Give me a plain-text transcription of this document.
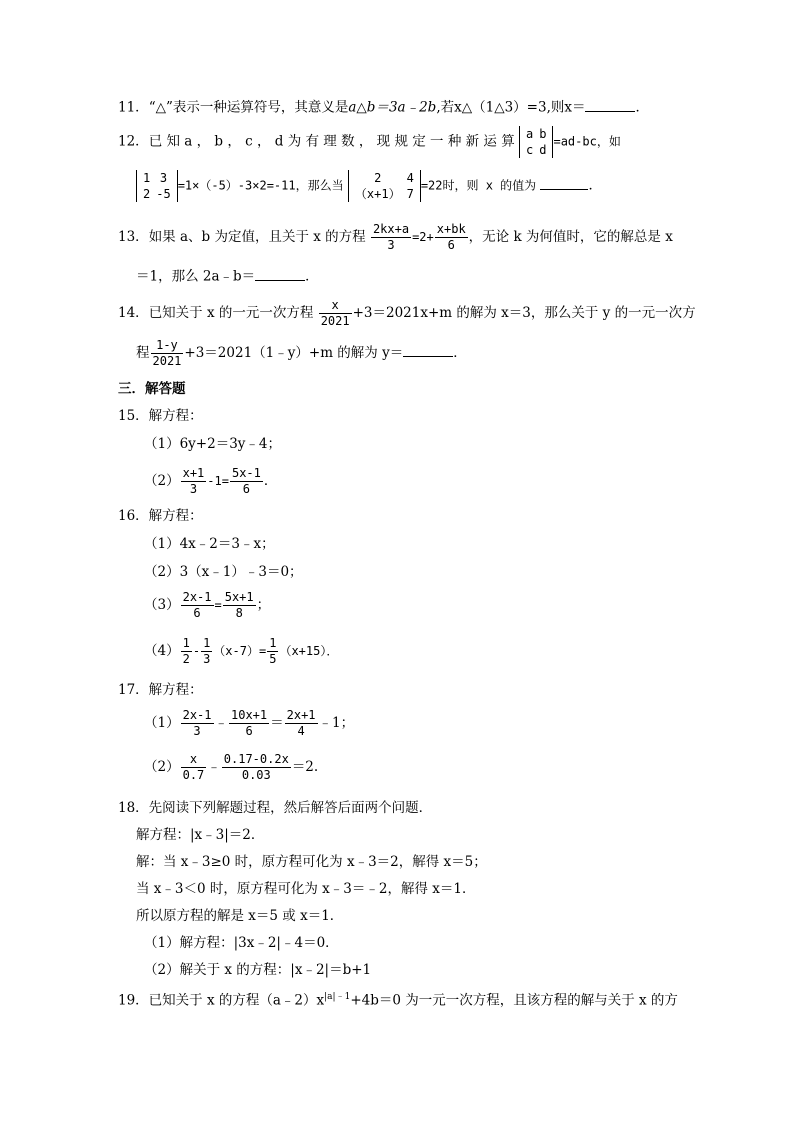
11．“△”表示一种运算符号，其意义是a△b＝3a﹣2b,若x△（1△3）=3,则x＝	．
12．已 知 a ， b ， c ， d 为 有 理 数 ， 现 规 定 一 种 新 运 算 a	b
c	d
=ad-bc，如
1	3
2	-5
=1×（-5）-3×2=-11，那么当
2	4
（x+1）	7
=22时，则 x 的值为	．
13．如果 a、b 为定值，且关于 x 的方程 $\frac{2kx+a}{3} =2+ \frac{x+bk}{6}$ ，无论 k 为何值时，它的解总是 x
＝1，那么 2a﹣b＝	．
14．已知关于 x 的一元一次方程 $\frac{x}{2021} +3=2021x+m$ 的解为 x＝3，那么关于 y 的一元一次方
程 $\frac{1-y}{2021}$ +3＝2021（1﹣y）+m 的解为 y＝	．
三．解答题
15．解方程：
（1）6y+2＝3y﹣4；
$(2) \frac{x+1}{3} -1= \frac{5x-1}{6}$ ．
16．解方程：
（1）4x﹣2＝3﹣x；
（2）3（x﹣1）﹣3＝0；
$(3) \frac{2x-1}{6} = \frac{5x+1}{8}$ ；
$(4) \frac{1}{2} - \frac{1}{3} (x-7)= \frac{1}{5} (x+15)$．
17．解方程：
$(1) \frac{2x-1}{3}$ ﹣ $\frac{10x+1}{6} = \frac{2x+1}{4}$ ﹣1；
$(2) \frac{x}{0.7}$ ﹣ $\frac{0.17-0.2x}{0.03} =2$.
18．先阅读下列解题过程，然后解答后面两个问题．
解方程：|x﹣3|＝2．
解：当 x﹣3≥0 时，原方程可化为 x﹣3＝2，解得 x＝5；
当 x﹣3＜0 时，原方程可化为 x﹣3＝﹣2，解得 x＝1．
所以原方程的解是 x＝5 或 x＝1．
（1）解方程：|3x﹣2|﹣4＝0．
（2）解关于 x 的方程：|x﹣2|＝b+1
19．已知关于 x 的方程$(a﹣2)x^{|a|﹣1}+4b=0$ 为一元一次方程，且该方程的解与关于 x 的方
